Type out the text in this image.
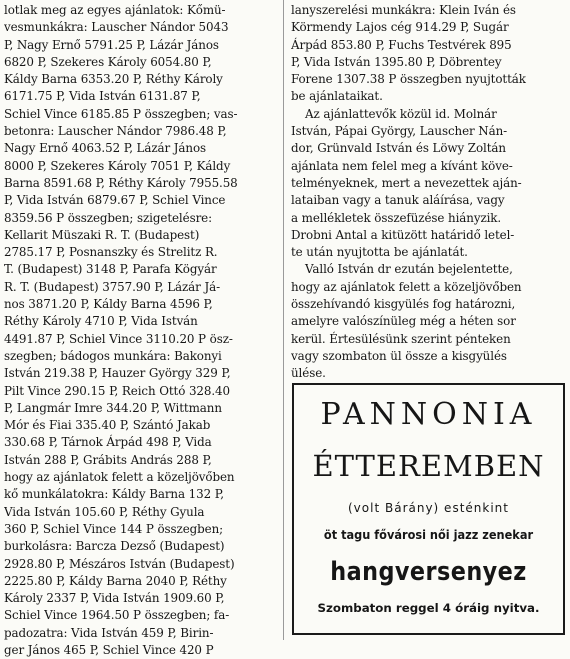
lotlak meg az egyes ajánlatok: Kőmü-
vesmunkákra: Lauscher Nándor 5043
P, Nagy Ernő 5791.25 P, Lázár János
6820 P, Szekeres Károly 6054.80 P,
Káldy Barna 6353.20 P, Réthy Károly
6171.75 P, Vida István 6131.87 P,
Schiel Vince 6185.85 P összegben; vas-
betonra: Lauscher Nándor 7986.48 P,
Nagy Ernő 4063.52 P, Lázár János
8000 P, Szekeres Károly 7051 P, Káldy
Barna 8591.68 P, Réthy Károly 7955.58
P, Vida István 6879.67 P, Schiel Vince
8359.56 P összegben; szigetelésre:
Kellarit Müszaki R. T. (Budapest)
2785.17 P, Posnanszky és Strelitz R.
T. (Budapest) 3148 P, Parafa Kögyár
R. T. (Budapest) 3757.90 P, Lázár Já-
nos 3871.20 P, Káldy Barna 4596 P,
Réthy Károly 4710 P, Vida István
4491.87 P, Schiel Vince 3110.20 P ösz-
szegben; bádogos munkára: Bakonyi
István 219.38 P, Hauzer György 329 P,
Pilt Vince 290.15 P, Reich Ottó 328.40
P, Langmár Imre 344.20 P, Wittmann
Mór és Fiai 335.40 P, Szántó Jakab
330.68 P, Tárnok Árpád 498 P, Vida
István 288 P, Grábits András 288 P,
hogy az ajánlatok felett a közeljövőben
kő munkálatokra: Káldy Barna 132 P,
Vida István 105.60 P, Réthy Gyula
360 P, Schiel Vince 144 P összegben;
burkolásra: Barcza Dezső (Budapest)
2928.80 P, Mészáros István (Budapest)
2225.80 P, Káldy Barna 2040 P, Réthy
Károly 2337 P, Vida István 1909.60 P,
Schiel Vince 1964.50 P összegben; fa-
padozatra: Vida István 459 P, Birin-
ger János 465 P, Schiel Vince 420 P
lanyszerelési munkákra: Klein Iván és
Körmendy Lajos cég 914.29 P, Sugár
Árpád 853.80 P, Fuchs Testvérek 895
P, Vida István 1395.80 P, Döbrentey
Forene 1307.38 P összegben nyujtották
be ajánlataikat.
Az ajánlattevők közül id. Molnár
István, Pápai György, Lauscher Nán-
dor, Grünvald István és Löwy Zoltán
ajánlata nem felel meg a kívánt köve-
telményeknek, mert a nevezettek aján-
lataiban vagy a tanuk aláírása, vagy
a mellékletek összefüzése hiányzik.
Drobni Antal a kitüzött határidő letel-
te után nyujtotta be ajánlatát.
Valló István dr ezután bejelentette,
hogy az ajánlatok felett a közeljövőben
összehívandó kisgyülés fog határozni,
amelyre valószínüleg még a héten sor
kerül. Értesülésünk szerint pénteken
vagy szombaton ül össze a kisgyülés
ülése.
PANNONIA
ÉTTEREMBEN
(volt Bárány) esténkint
öt tagu fővárosi női jazz zenekar
hangversenyez
Szombaton reggel 4 óráig nyitva.
